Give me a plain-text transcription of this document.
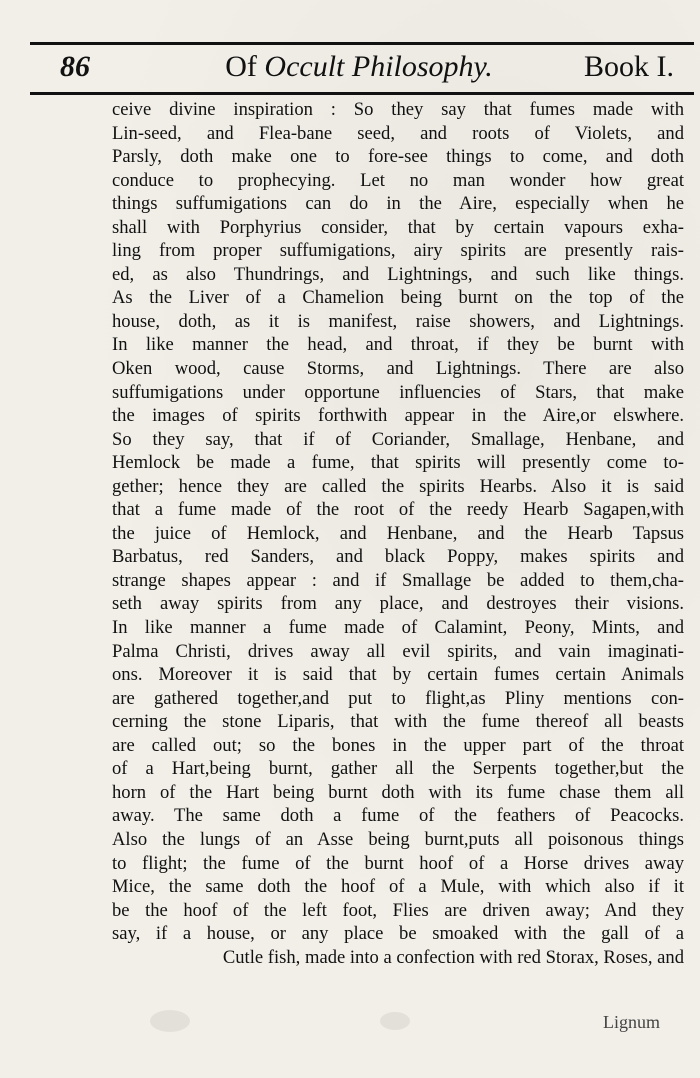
86	Of Occult Philosophy.	Book I.
ceive divine inspiration : So they say that fumes made with
Lin-seed, and Flea-bane seed, and roots of Violets, and
Parsly, doth make one to fore-see things to come, and doth
conduce to prophecying. Let no man wonder how great
things suffumigations can do in the Aire, especially when he
shall with Porphyrius consider, that by certain vapours exha-
ling from proper suffumigations, airy spirits are presently rais-
ed, as also Thundrings, and Lightnings, and such like things.
As the Liver of a Chamelion being burnt on the top of the
house, doth, as it is manifest, raise showers, and Lightnings.
In like manner the head, and throat, if they be burnt with
Oken wood, cause Storms, and Lightnings. There are also
suffumigations under opportune influencies of Stars, that make
the images of spirits forthwith appear in the Aire,or elswhere.
So they say, that if of Coriander, Smallage, Henbane, and
Hemlock be made a fume, that spirits will presently come to-
gether; hence they are called the spirits Hearbs. Also it is said
that a fume made of the root of the reedy Hearb Sagapen,with
the juice of Hemlock, and Henbane, and the Hearb Tapsus
Barbatus, red Sanders, and black Poppy, makes spirits and
strange shapes appear : and if Smallage be added to them,cha-
seth away spirits from any place, and destroyes their visions.
In like manner a fume made of Calamint, Peony, Mints, and
Palma Christi, drives away all evil spirits, and vain imaginati-
ons. Moreover it is said that by certain fumes certain Animals
are gathered together,and put to flight,as Pliny mentions con-
cerning the stone Liparis, that with the fume thereof all beasts
are called out; so the bones in the upper part of the throat
of a Hart,being burnt, gather all the Serpents together,but the
horn of the Hart being burnt doth with its fume chase them all
away. The same doth a fume of the feathers of Peacocks.
Also the lungs of an Asse being burnt,puts all poisonous things
to flight; the fume of the burnt hoof of a Horse drives away
Mice, the same doth the hoof of a Mule, with which also if it
be the hoof of the left foot, Flies are driven away; And they
say, if a house, or any place be smoaked with the gall of a
Cutle fish, made into a confection with red Storax, Roses, and
Lignum
